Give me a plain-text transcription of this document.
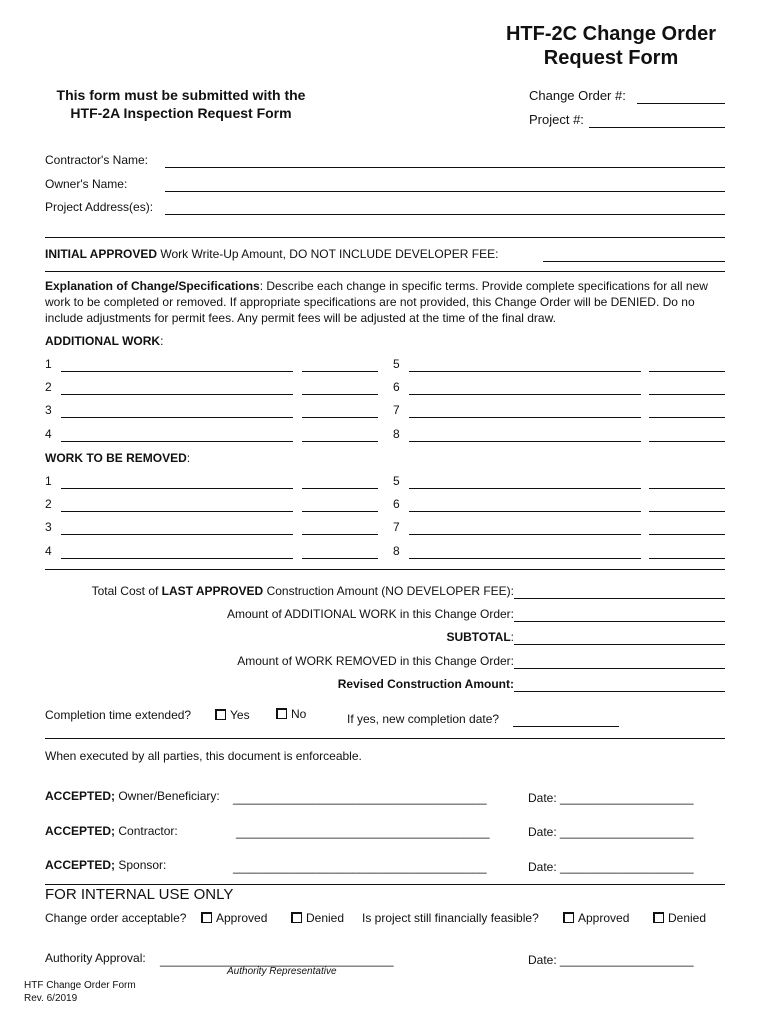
HTF-2C Change Order
Request Form
This form must be submitted with the
HTF-2A Inspection Request Form
Change Order #:
Project #:
Contractor's Name:
Owner's Name:
Project Address(es):
INITIAL APPROVED Work Write-Up Amount, DO NOT INCLUDE DEVELOPER FEE:
Explanation of Change/Specifications: Describe each change in specific terms. Provide complete specifications for all new work to be completed or removed. If appropriate specifications are not provided, this Change Order will be DENIED. Do no include adjustments for permit fees. Any permit fees will be adjusted at the time of the final draw.
ADDITIONAL WORK:
1
2
3
4
5
6
7
8
WORK TO BE REMOVED:
1
2
3
4
5
6
7
8
Total Cost of LAST APPROVED Construction Amount (NO DEVELOPER FEE):
Amount of ADDITIONAL WORK in this Change Order:
SUBTOTAL:
Amount of WORK REMOVED in this Change Order:
Revised Construction Amount:
Completion time extended?	Yes	No	If yes, new completion date?
When executed by all parties, this document is enforceable.
ACCEPTED; Owner/Beneficiary: ______________________________________	Date: ____________________
ACCEPTED; Contractor:	______________________________________	Date: ____________________
ACCEPTED; Sponsor:	______________________________________	Date: ____________________
FOR INTERNAL USE ONLY
Change order acceptable?	Approved	Denied Is project still financially feasible?	Approved	Denied
Authority Approval: ___________________________________
Authority Representative
Date: ____________________
HTF Change Order Form
Rev. 6/2019
